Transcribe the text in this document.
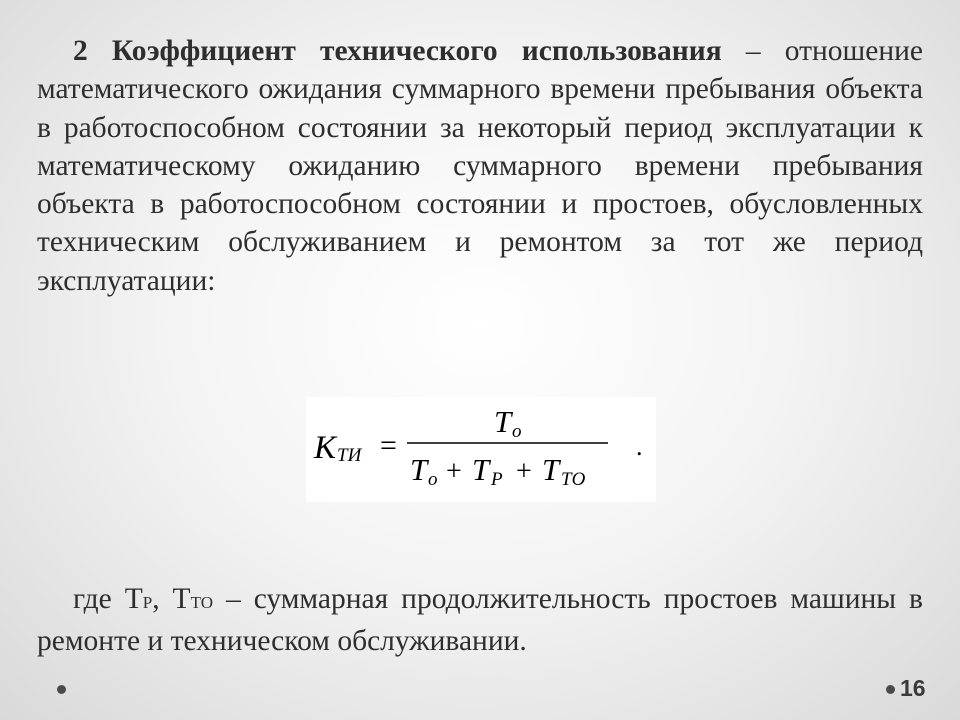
2 Коэффициент технического использования – отношение математического ожидания суммарного времени пребывания объекта в работоспособном состоянии за некоторый период эксплуатации к математическому ожиданию суммарного времени пребывания объекта в работоспособном состоянии и простоев, обусловленных техническим обслуживанием и ремонтом за тот же период эксплуатации:

K ТИ =
T o
T o + T P + T ТО
.

где ТР, ТТО – суммарная продолжительность простоев машины в ремонте и техническом обслуживании.

16
